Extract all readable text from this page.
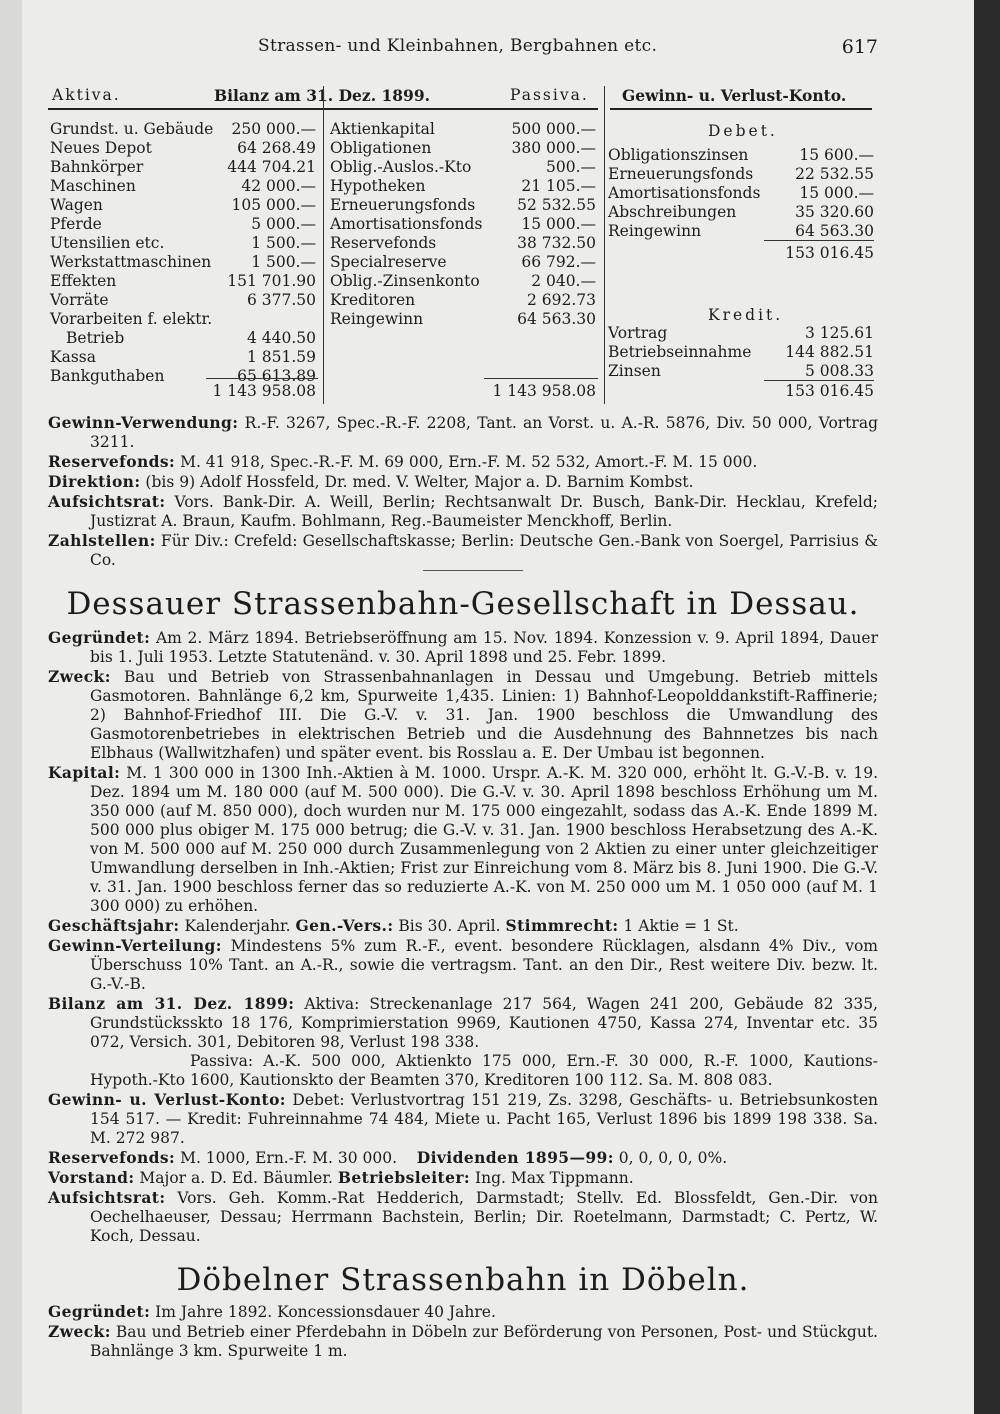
Strassen- und Kleinbahnen, Bergbahnen etc.	617
Aktiva.	Bilanz am 31. Dez. 1899.	Passiva. Gewinn- u. Verlust-Konto.
Grundst. u. Gebäude 250 000.—
Neues Depot	64 268.49
Bahnkörper	444 704.21
Maschinen	42 000.—
Wagen	105 000.—
Pferde	5 000.—
Utensilien etc.	1 500.—
Werkstattmaschinen	1 500.—
Effekten	151 701.90
Vorräte	6 377.50
Vorarbeiten f. elektr.
Betrieb	4 440.50
Kassa	1 851.59
Bankguthaben	65 613.89
1 143 958.08
Aktienkapital	500 000.—
Obligationen	380 000.—
Oblig.-Auslos.-Kto	500.—
Hypotheken	21 105.—
Erneuerungsfonds	52 532.55
Amortisationsfonds	15 000.—
Reservefonds	38 732.50
Specialreserve	66 792.—
Oblig.-Zinsenkonto	2 040.—
Kreditoren	2 692.73
Reingewinn	64 563.30
1 143 958.08
Debet.
Obligationszinsen	15 600.—
Erneuerungsfonds	22 532.55
Amortisationsfonds	15 000.—
Abschreibungen	35 320.60
Reingewinn	64 563.30
153 016.45
Kredit.
Vortrag	3 125.61
Betriebseinnahme 144 882.51
Zinsen	5 008.33
153 016.45

Gewinn-Verwendung: R.-F. 3267, Spec.-R.-F. 2208, Tant. an Vorst. u. A.-R. 5876, Div. 50 000, Vortrag 3211.

Reservefonds: M. 41 918, Spec.-R.-F. M. 69 000, Ern.-F. M. 52 532, Amort.-F. M. 15 000.

Direktion: (bis 9) Adolf Hossfeld, Dr. med. V. Welter, Major a. D. Barnim Kombst.

Aufsichtsrat: Vors. Bank-Dir. A. Weill, Berlin; Rechtsanwalt Dr. Busch, Bank-Dir. Hecklau, Krefeld; Justizrat A. Braun, Kaufm. Bohlmann, Reg.-Baumeister Menckhoff, Berlin.

Zahlstellen: Für Div.: Crefeld: Gesellschaftskasse; Berlin: Deutsche Gen.-Bank von Soergel, Parrisius & Co.

Dessauer Strassenbahn-Gesellschaft in Dessau.

Gegründet: Am 2. März 1894. Betriebseröffnung am 15. Nov. 1894. Konzession v. 9. April 1894, Dauer bis 1. Juli 1953. Letzte Statutenänd. v. 30. April 1898 und 25. Febr. 1899.

Zweck: Bau und Betrieb von Strassenbahnanlagen in Dessau und Umgebung. Betrieb mittels Gasmotoren. Bahnlänge 6,2 km, Spurweite 1,435. Linien: 1) Bahnhof-Leopolddankstift-Raffinerie; 2) Bahnhof-Friedhof III. Die G.-V. v. 31. Jan. 1900 beschloss die Umwandlung des Gasmotorenbetriebes in elektrischen Betrieb und die Ausdehnung des Bahnnetzes bis nach Elbhaus (Wallwitzhafen) und später event. bis Rosslau a. E. Der Umbau ist begonnen.

Kapital: M. 1 300 000 in 1300 Inh.-Aktien à M. 1000. Urspr. A.-K. M. 320 000, erhöht lt. G.-V.-B. v. 19. Dez. 1894 um M. 180 000 (auf M. 500 000). Die G.-V. v. 30. April 1898 beschloss Erhöhung um M. 350 000 (auf M. 850 000), doch wurden nur M. 175 000 eingezahlt, sodass das A.-K. Ende 1899 M. 500 000 plus obiger M. 175 000 betrug; die G.-V. v. 31. Jan. 1900 beschloss Herabsetzung des A.-K. von M. 500 000 auf M. 250 000 durch Zusammenlegung von 2 Aktien zu einer unter gleichzeitiger Umwandlung derselben in Inh.-Aktien; Frist zur Einreichung vom 8. März bis 8. Juni 1900. Die G.-V. v. 31. Jan. 1900 beschloss ferner das so reduzierte A.-K. von M. 250 000 um M. 1 050 000 (auf M. 1 300 000) zu erhöhen.

Geschäftsjahr: Kalenderjahr. Gen.-Vers.: Bis 30. April. Stimmrecht: 1 Aktie = 1 St.

Gewinn-Verteilung: Mindestens 5% zum R.-F., event. besondere Rücklagen, alsdann 4% Div., vom Überschuss 10% Tant. an A.-R., sowie die vertragsm. Tant. an den Dir., Rest weitere Div. bezw. lt. G.-V.-B.

Bilanz am 31. Dez. 1899: Aktiva: Streckenanlage 217 564, Wagen 241 200, Gebäude 82 335, Grundstücksskto 18 176, Komprimierstation 9969, Kautionen 4750, Kassa 274, Inventar etc. 35 072, Versich. 301, Debitoren 98, Verlust 198 338.
Passiva: A.-K. 500 000, Aktienkto 175 000, Ern.-F. 30 000, R.-F. 1000, Kautions-Hypoth.-Kto 1600, Kautionskto der Beamten 370, Kreditoren 100 112. Sa. M. 808 083.

Gewinn- u. Verlust-Konto: Debet: Verlustvortrag 151 219, Zs. 3298, Geschäfts- u. Betriebsunkosten 154 517. — Kredit: Fuhreinnahme 74 484, Miete u. Pacht 165, Verlust 1896 bis 1899 198 338. Sa. M. 272 987.

Reservefonds: M. 1000, Ern.-F. M. 30 000. Dividenden 1895—99: 0, 0, 0, 0, 0%.

Vorstand: Major a. D. Ed. Bäumler. Betriebsleiter: Ing. Max Tippmann.

Aufsichtsrat: Vors. Geh. Komm.-Rat Hedderich, Darmstadt; Stellv. Ed. Blossfeldt, Gen.-Dir. von Oechelhaeuser, Dessau; Herrmann Bachstein, Berlin; Dir. Roetelmann, Darmstadt; C. Pertz, W. Koch, Dessau.

Döbelner Strassenbahn in Döbeln.

Gegründet: Im Jahre 1892. Koncessionsdauer 40 Jahre.

Zweck: Bau und Betrieb einer Pferdebahn in Döbeln zur Beförderung von Personen, Post- und Stückgut. Bahnlänge 3 km. Spurweite 1 m.
